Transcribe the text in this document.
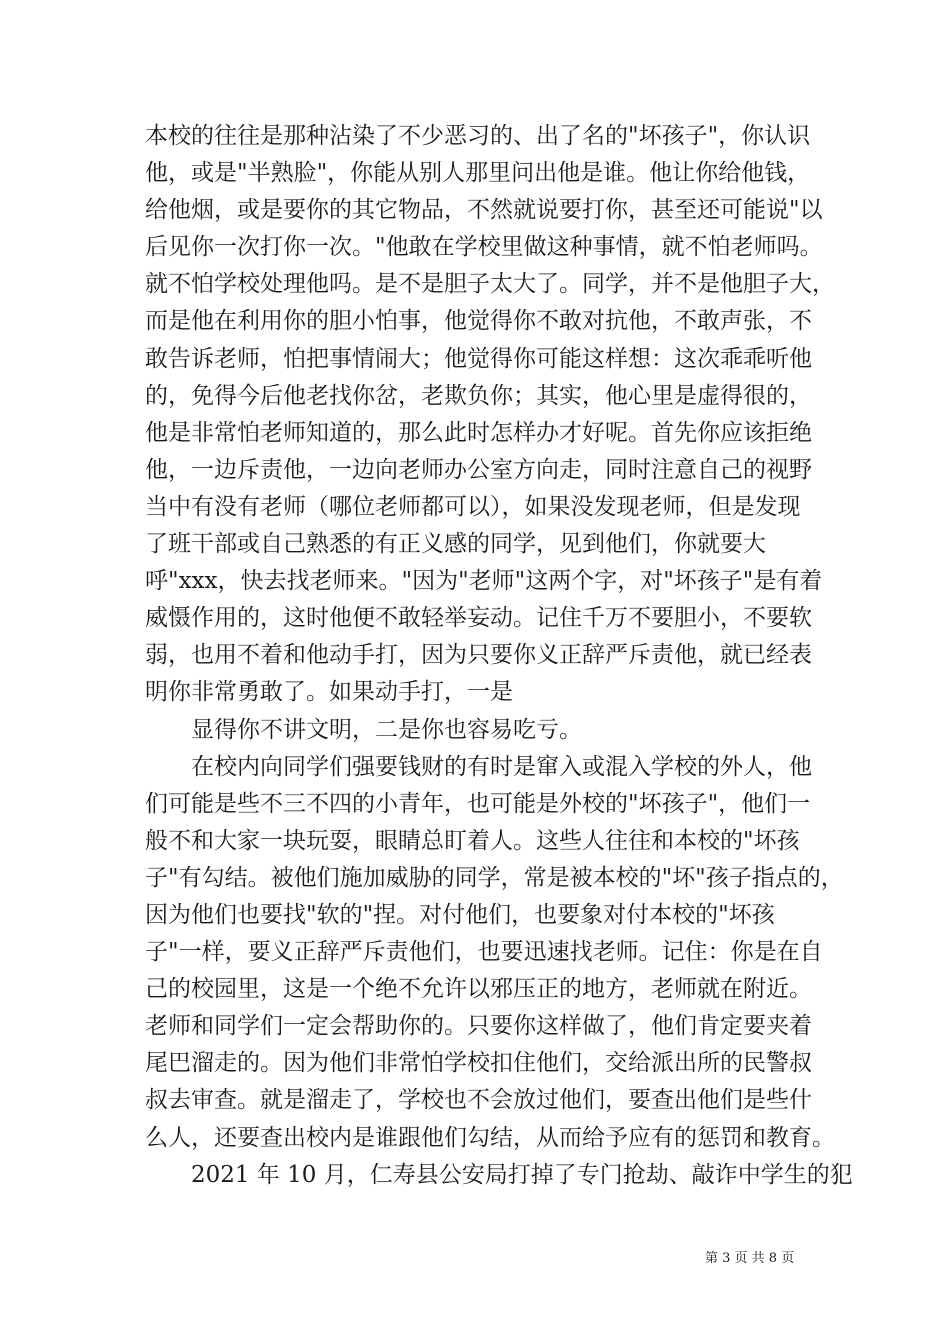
本校的往往是那种沾染了不少恶习的、出了名的"坏孩子"，你认识
他，或是"半熟脸"，你能从别人那里问出他是谁。他让你给他钱，
给他烟，或是要你的其它物品，不然就说要打你，甚至还可能说"以
后见你一次打你一次。"他敢在学校里做这种事情，就不怕老师吗。
就不怕学校处理他吗。是不是胆子太大了。同学，并不是他胆子大，
而是他在利用你的胆小怕事，他觉得你不敢对抗他，不敢声张，不
敢告诉老师，怕把事情闹大；他觉得你可能这样想：这次乖乖听他
的，免得今后他老找你岔，老欺负你；其实，他心里是虚得很的，
他是非常怕老师知道的，那么此时怎样办才好呢。首先你应该拒绝
他，一边斥责他，一边向老师办公室方向走，同时注意自己的视野
当中有没有老师（哪位老师都可以），如果没发现老师，但是发现
了班干部或自己熟悉的有正义感的同学，见到他们，你就要大
呼"xxx，快去找老师来。"因为"老师"这两个字，对"坏孩子"是有着
威慑作用的，这时他便不敢轻举妄动。记住千万不要胆小，不要软
弱，也用不着和他动手打，因为只要你义正辞严斥责他，就已经表
明你非常勇敢了。如果动手打，一是
显得你不讲文明，二是你也容易吃亏。
在校内向同学们强要钱财的有时是窜入或混入学校的外人，他
们可能是些不三不四的小青年，也可能是外校的"坏孩子"，他们一
般不和大家一块玩耍，眼睛总盯着人。这些人往往和本校的"坏孩
子"有勾结。被他们施加威胁的同学，常是被本校的"坏"孩子指点的，
因为他们也要找"软的"捏。对付他们，也要象对付本校的"坏孩
子"一样，要义正辞严斥责他们，也要迅速找老师。记住：你是在自
己的校园里，这是一个绝不允许以邪压正的地方，老师就在附近。
老师和同学们一定会帮助你的。只要你这样做了，他们肯定要夹着
尾巴溜走的。因为他们非常怕学校扣住他们，交给派出所的民警叔
叔去审查。就是溜走了，学校也不会放过他们，要查出他们是些什
么人，还要查出校内是谁跟他们勾结，从而给予应有的惩罚和教育。
2021 年 10 月，仁寿县公安局打掉了专门抢劫、敲诈中学生的犯
第 3 页 共 8 页
